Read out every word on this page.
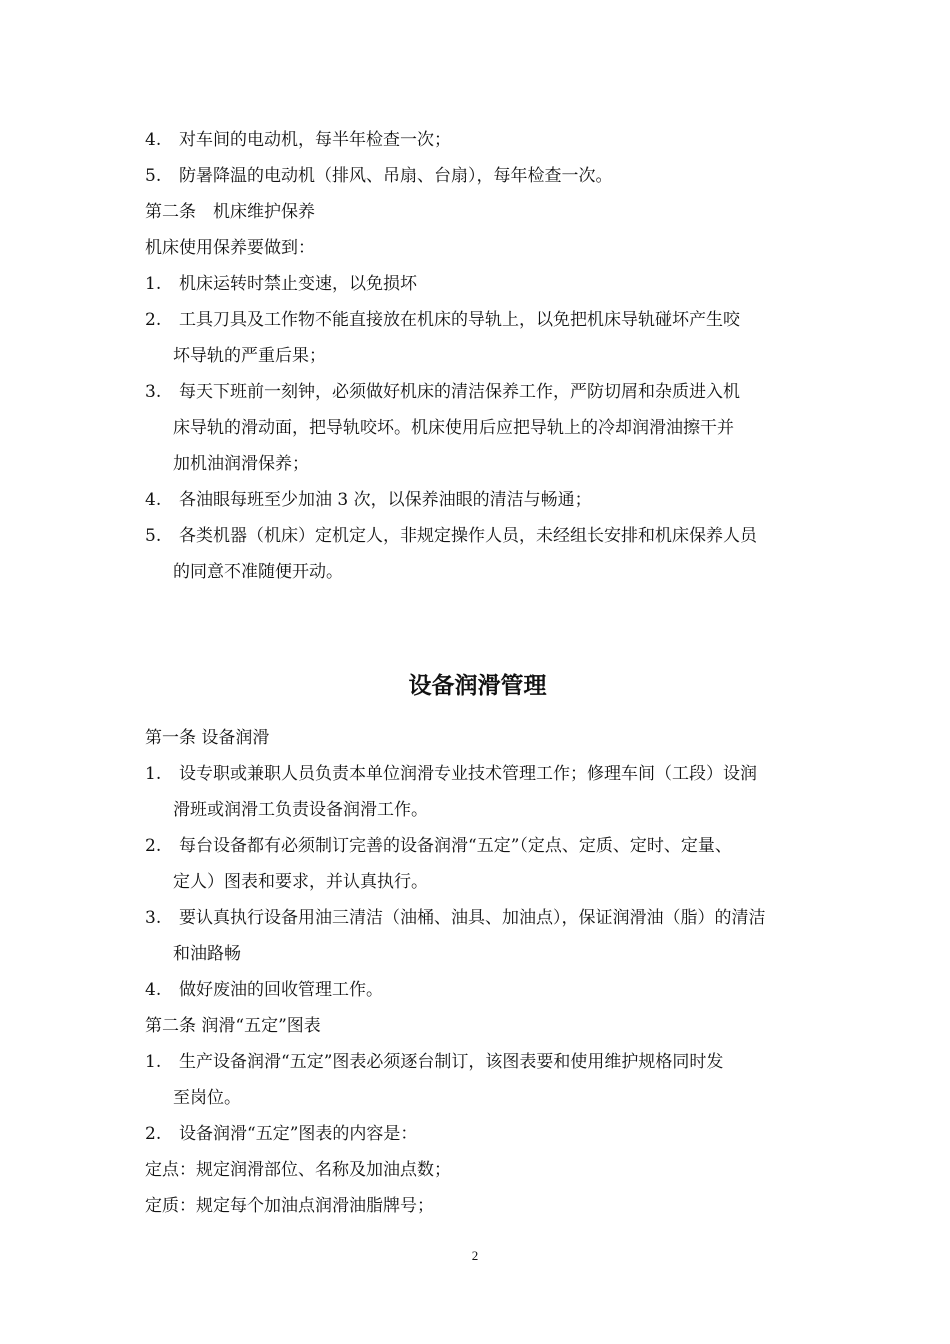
4.	对车间的电动机，每半年检查一次；
5.	防暑降温的电动机（排风、吊扇、台扇），每年检查一次。
第二条　机床维护保养
机床使用保养要做到：
1.	机床运转时禁止变速，以免损坏
2.	工具刀具及工作物不能直接放在机床的导轨上，以免把机床导轨碰坏产生咬
坏导轨的严重后果；
3.	每天下班前一刻钟，必须做好机床的清洁保养工作，严防切屑和杂质进入机
床导轨的滑动面，把导轨咬坏。机床使用后应把导轨上的冷却润滑油擦干并
加机油润滑保养；
4.	各油眼每班至少加油 3 次，以保养油眼的清洁与畅通；
5.	各类机器（机床）定机定人，非规定操作人员，未经组长安排和机床保养人员
的同意不准随便开动。
设备润滑管理
第一条 设备润滑
1.	设专职或兼职人员负责本单位润滑专业技术管理工作；修理车间（工段）设润
滑班或润滑工负责设备润滑工作。
2.	每台设备都有必须制订完善的设备润滑“五定”（定点、定质、定时、定量、
定人）图表和要求，并认真执行。
3.	要认真执行设备用油三清洁（油桶、油具、加油点），保证润滑油（脂）的清洁
和油路畅
4.	做好废油的回收管理工作。
第二条 润滑“五定”图表
1.	生产设备润滑“五定”图表必须逐台制订，该图表要和使用维护规格同时发
至岗位。
2.	设备润滑“五定”图表的内容是：
定点：规定润滑部位、名称及加油点数；
定质：规定每个加油点润滑油脂牌号；
2
